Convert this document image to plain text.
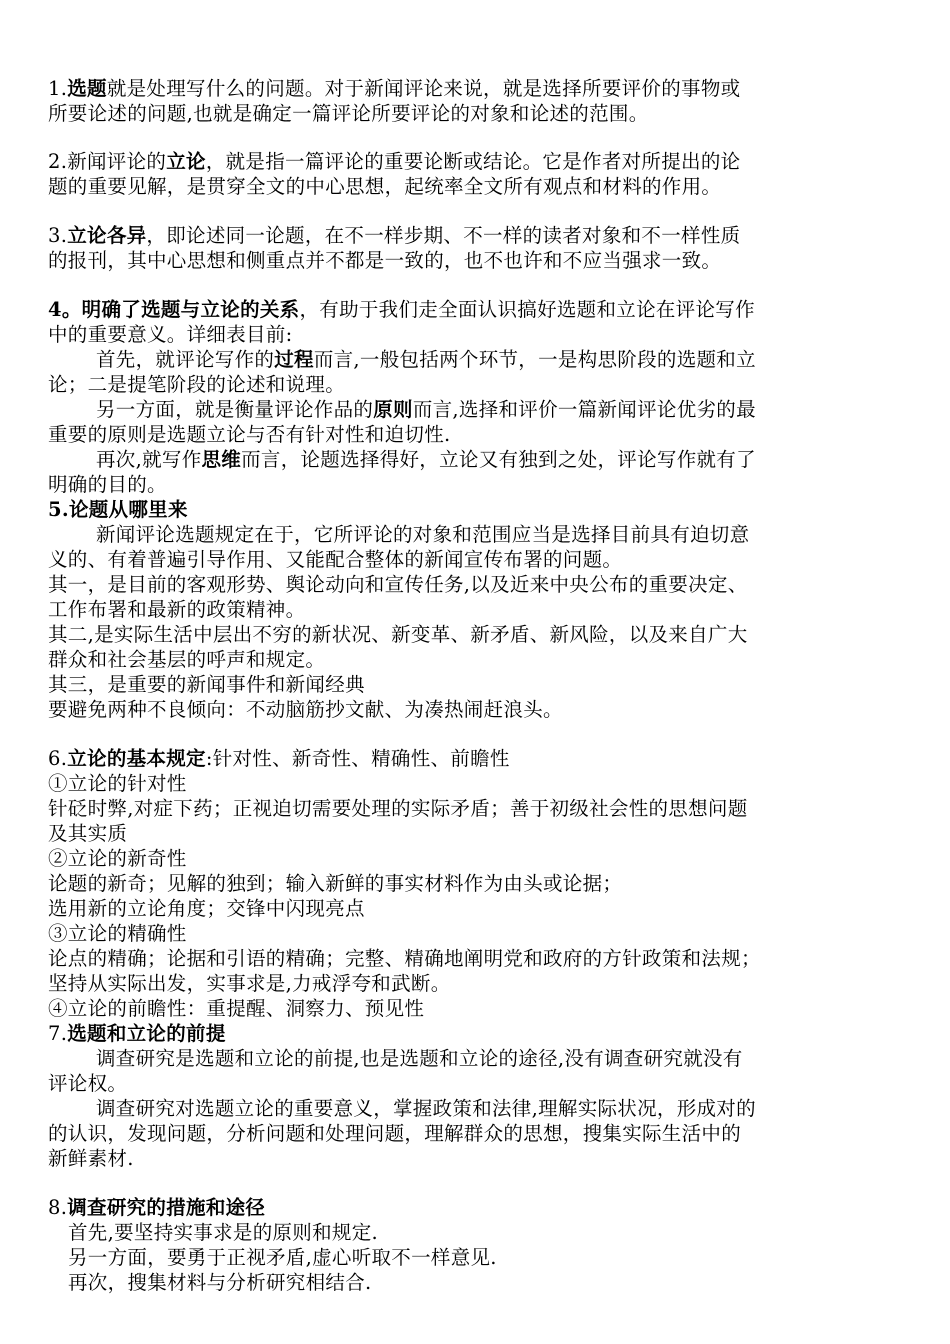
1.选题就是处理写什么的问题。对于新闻评论来说，就是选择所要评价的事物或
所要论述的问题,也就是确定一篇评论所要评论的对象和论述的范围。
2.新闻评论的立论，就是指一篇评论的重要论断或结论。它是作者对所提出的论
题的重要见解，是贯穿全文的中心思想，起统率全文所有观点和材料的作用。
3.立论各异，即论述同一论题，在不一样步期、不一样的读者对象和不一样性质
的报刊，其中心思想和侧重点并不都是一致的，也不也许和不应当强求一致。
4。明确了选题与立论的关系，有助于我们走全面认识搞好选题和立论在评论写作
中的重要意义。详细表目前:
首先，就评论写作的过程而言,一般包括两个环节，一是构思阶段的选题和立
论；二是提笔阶段的论述和说理。
另一方面，就是衡量评论作品的原则而言,选择和评价一篇新闻评论优劣的最
重要的原则是选题立论与否有针对性和迫切性.
再次,就写作思维而言，论题选择得好，立论又有独到之处，评论写作就有了
明确的目的。
5.论题从哪里来
新闻评论选题规定在于，它所评论的对象和范围应当是选择目前具有迫切意
义的、有着普遍引导作用、又能配合整体的新闻宣传布署的问题。
其一，是目前的客观形势、舆论动向和宣传任务,以及近来中央公布的重要决定、
工作布署和最新的政策精神。
其二,是实际生活中层出不穷的新状况、新变革、新矛盾、新风险，以及来自广大
群众和社会基层的呼声和规定。
其三，是重要的新闻事件和新闻经典
要避免两种不良倾向：不动脑筋抄文献、为凑热闹赶浪头。
6.立论的基本规定:针对性、新奇性、精确性、前瞻性
①立论的针对性
针砭时弊,对症下药；正视迫切需要处理的实际矛盾；善于初级社会性的思想问题
及其实质
②立论的新奇性
论题的新奇；见解的独到；输入新鲜的事实材料作为由头或论据；
选用新的立论角度；交锋中闪现亮点
③立论的精确性
论点的精确；论据和引语的精确；完整、精确地阐明党和政府的方针政策和法规；
坚持从实际出发，实事求是,力戒浮夸和武断。
④立论的前瞻性：重提醒、洞察力、预见性
7.选题和立论的前提
调查研究是选题和立论的前提,也是选题和立论的途径,没有调查研究就没有
评论权。
调查研究对选题立论的重要意义，掌握政策和法律,理解实际状况，形成对的
的认识，发现问题，分析问题和处理问题，理解群众的思想，搜集实际生活中的
新鲜素材.
8.调查研究的措施和途径
首先,要坚持实事求是的原则和规定.
另一方面，要勇于正视矛盾,虚心听取不一样意见.
再次，搜集材料与分析研究相结合.
